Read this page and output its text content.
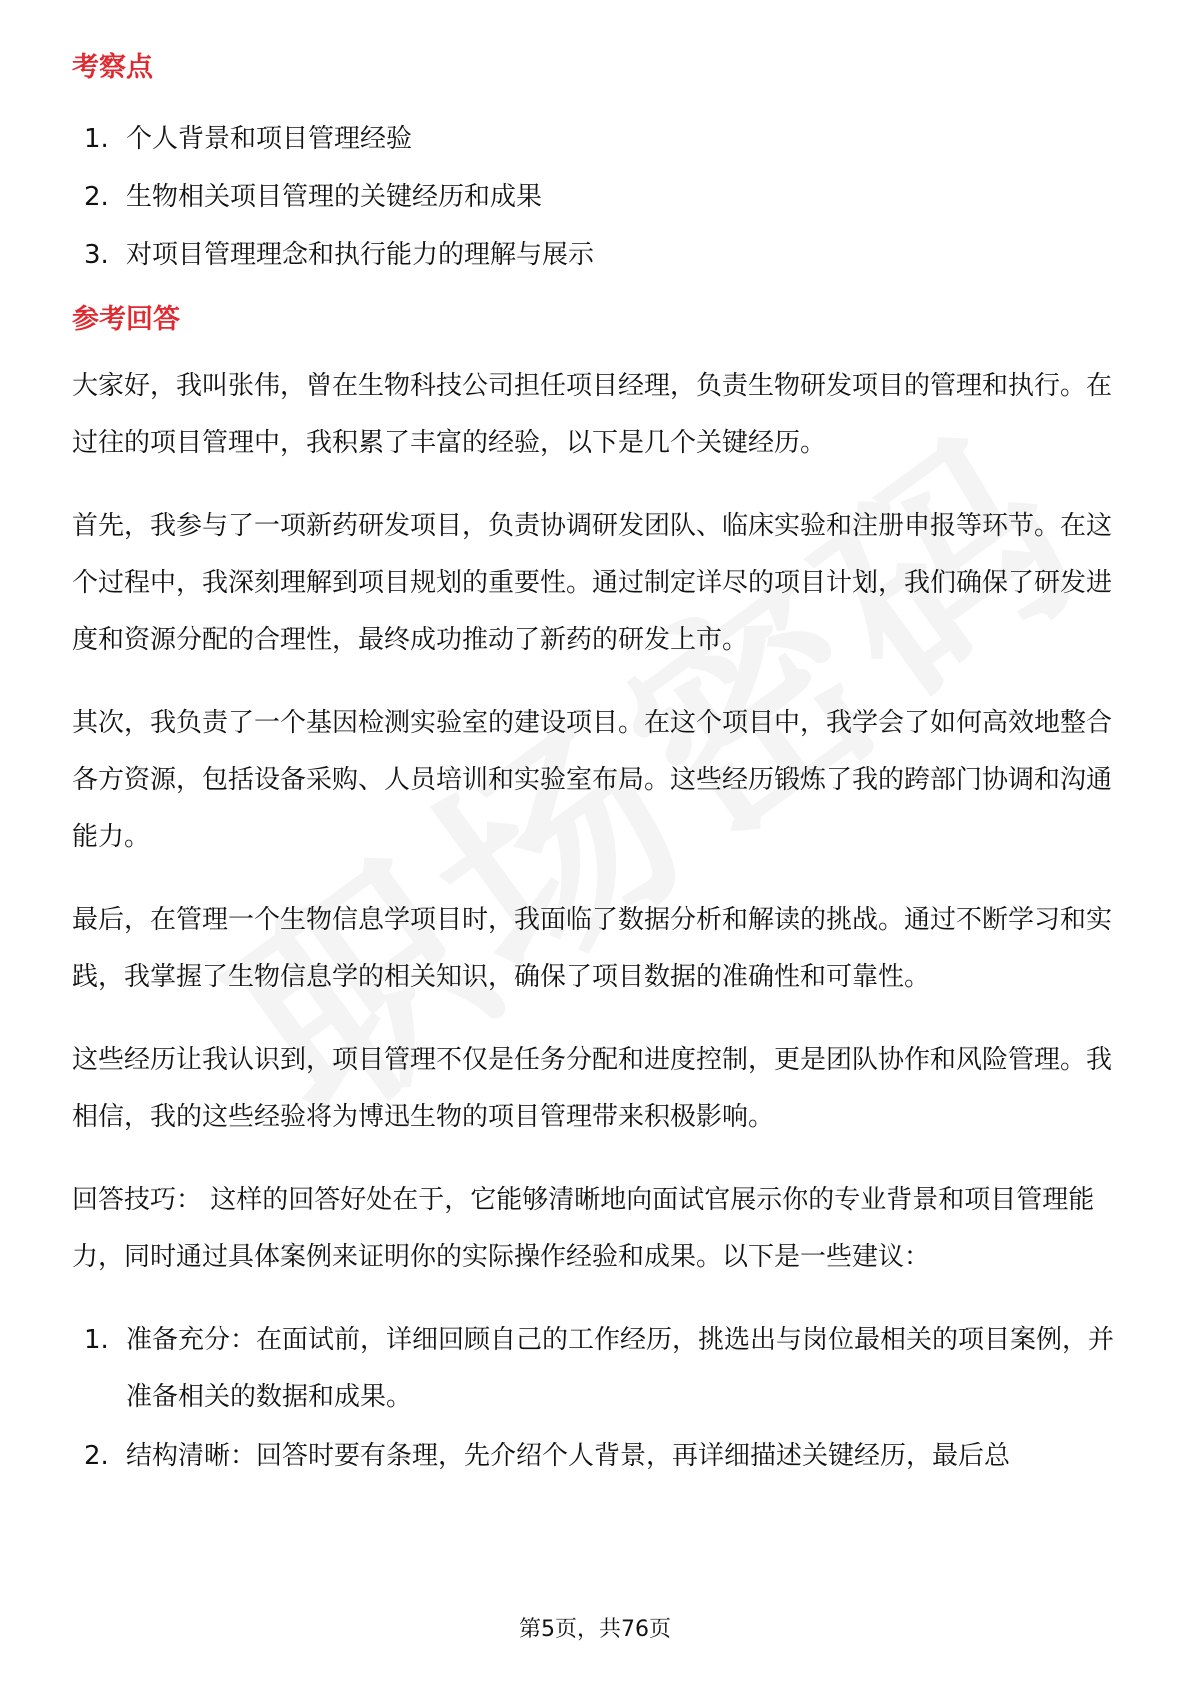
考察点
1. 个人背景和项目管理经验
2. 生物相关项目管理的关键经历和成果
3. 对项目管理理念和执行能力的理解与展示
参考回答

大家好，我叫张伟，曾在生物科技公司担任项目经理，负责生物研发项目的管理和执行。在过往的项目管理中，我积累了丰富的经验，以下是几个关键经历。

首先，我参与了一项新药研发项目，负责协调研发团队、临床实验和注册申报等环节。在这个过程中，我深刻理解到项目规划的重要性。通过制定详尽的项目计划，我们确保了研发进度和资源分配的合理性，最终成功推动了新药的研发上市。

其次，我负责了一个基因检测实验室的建设项目。在这个项目中，我学会了如何高效地整合各方资源，包括设备采购、人员培训和实验室布局。这些经历锻炼了我的跨部门协调和沟通能力。

最后，在管理一个生物信息学项目时，我面临了数据分析和解读的挑战。通过不断学习和实践，我掌握了生物信息学的相关知识，确保了项目数据的准确性和可靠性。

这些经历让我认识到，项目管理不仅是任务分配和进度控制，更是团队协作和风险管理。我相信，我的这些经验将为博迅生物的项目管理带来积极影响。

回答技巧： 这样的回答好处在于，它能够清晰地向面试官展示你的专业背景和项目管理能力，同时通过具体案例来证明你的实际操作经验和成果。以下是一些建议：

1. 准备充分：在面试前，详细回顾自己的工作经历，挑选出与岗位最相关的项目案例，并准备相关的数据和成果。
2. 结构清晰：回答时要有条理，先介绍个人背景，再详细描述关键经历，最后总
第5页，共76页
